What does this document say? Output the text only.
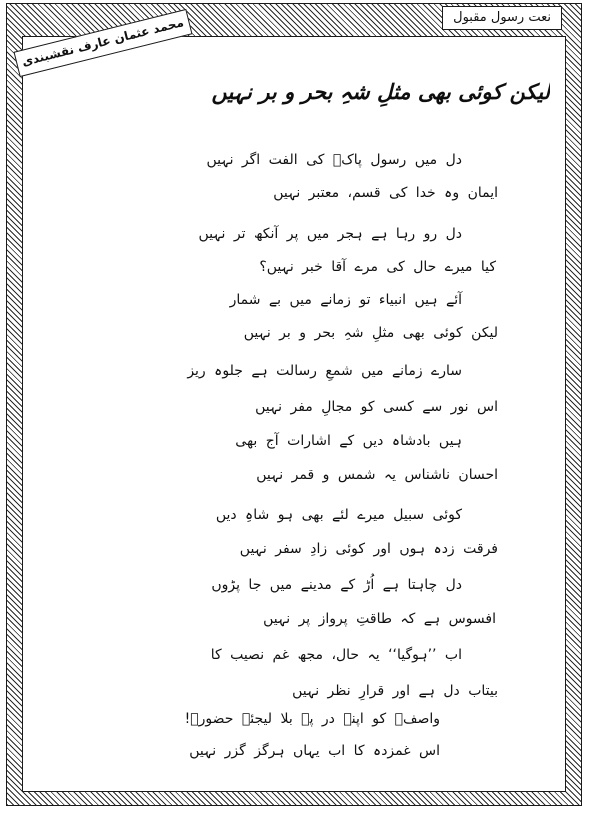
نعت رسول مقبول
محمد عثمان عارف نقشبندی
لیکن کوئی بھی مثلِ شہِ بحر و بر نہیں
دل میں رسول پاکؐ کی الفت اگر نہیں
ایمان وہ خدا کی قسم، معتبر نہیں
دل رو رہا ہے ہجر میں پر آنکھ تر نہیں
کیا میرے حال کی مرے آقا خبر نہیں؟
آئے ہیں انبیاء تو زمانے میں بے شمار
لیکن کوئی بھی مثلِ شہِ بحر و بر نہیں
سارے زمانے میں شمعِ رسالت ہے جلوہ ریز
اس نور سے کسی کو مجالِ مفر نہیں
ہیں بادشاہ دیں کے اشارات آج بھی
احسان ناشناس یہ شمس و قمر نہیں
کوئی سبیل میرے لئے بھی ہو شاہِ دیں
فرقت زدہ ہوں اور کوئی زادِ سفر نہیں
دل چاہتا ہے اُڑ کے مدینے میں جا پڑوں
افسوس ہے کہ طاقتِ پرواز پر نہیں
اب ’’ہوگیا‘‘ یہ حال، مجھ غم نصیب کا
بیتاب دل ہے اور قرارِ نظر نہیں
واصفؔ کو اپنے در پہ بلا لیجئے حضورؐ!
اس غمزدہ کا اب یہاں ہرگز گزر نہیں
